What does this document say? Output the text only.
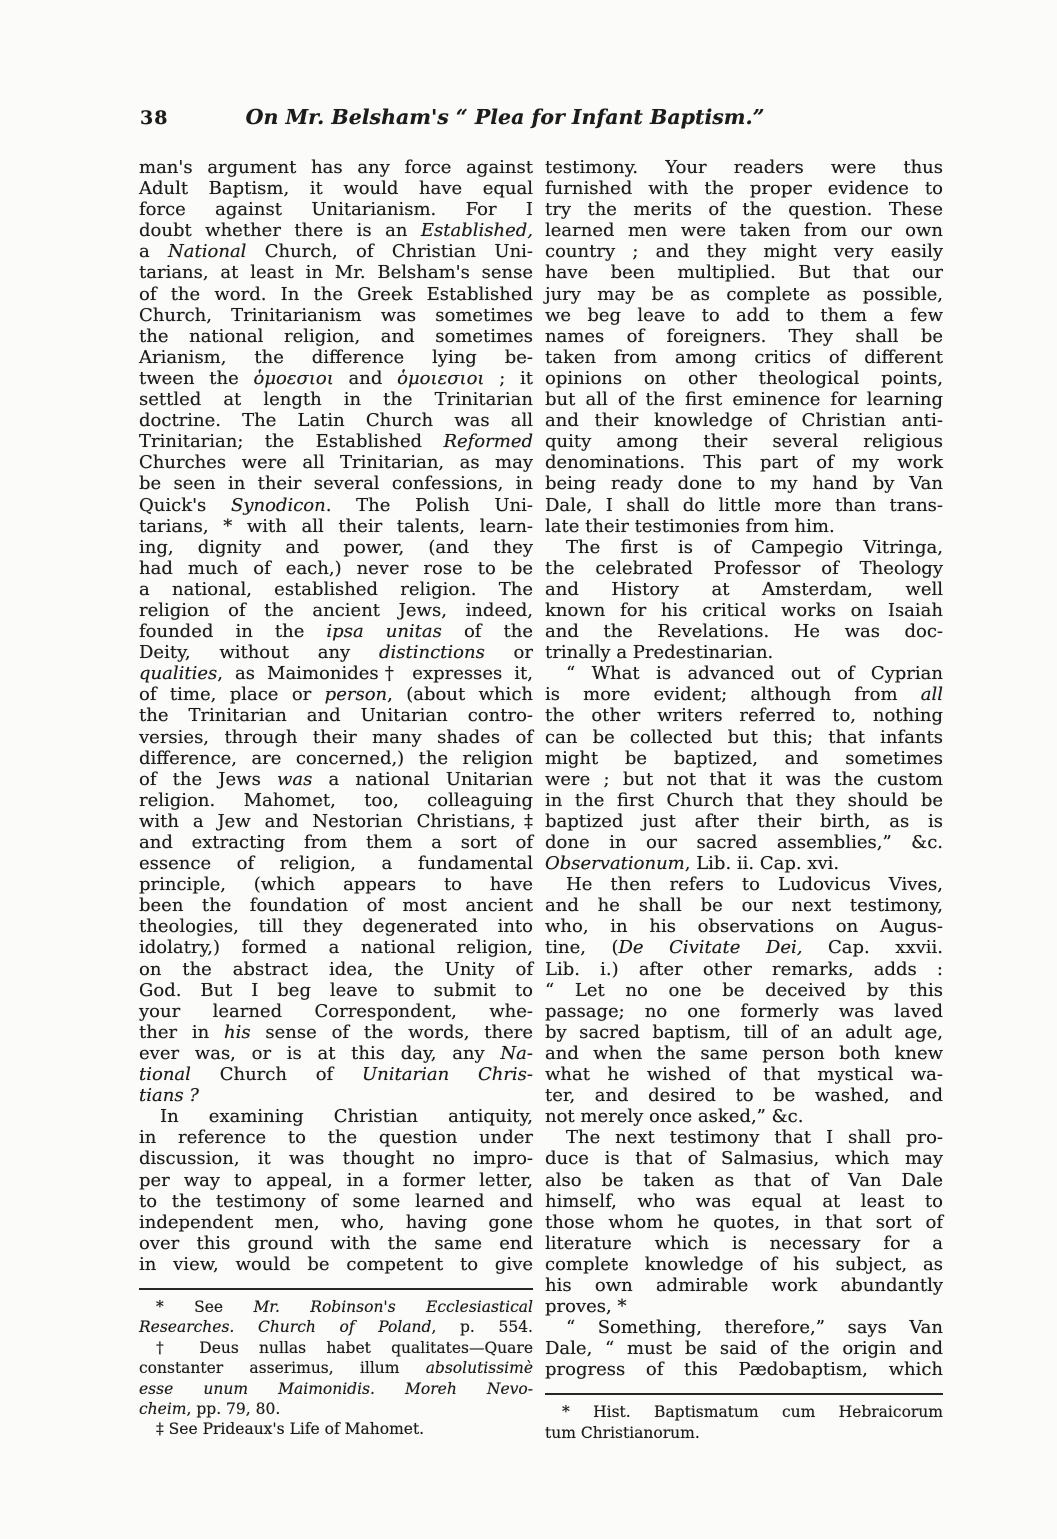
38	On Mr. Belsham's “ Plea for Infant Baptism.”
man's argument has any force against
Adult Baptism, it would have equal
force against Unitarianism. For I
doubt whether there is an Established,
a National Church, of Christian Uni-
tarians, at least in Mr. Belsham's sense
of the word. In the Greek Established
Church, Trinitarianism was sometimes
the national religion, and sometimes
Arianism, the difference lying be-
tween the ὁμοεσιοι and ὁμοιεσιοι ; it
settled at length in the Trinitarian
doctrine. The Latin Church was all
Trinitarian; the Established Reformed
Churches were all Trinitarian, as may
be seen in their several confessions, in
Quick's Synodicon. The Polish Uni-
tarians, * with all their talents, learn-
ing, dignity and power, (and they
had much of each,) never rose to be
a national, established religion. The
religion of the ancient Jews, indeed,
founded in the ipsa unitas of the
Deity, without any distinctions or
qualities, as Maimonides† expresses it,
of time, place or person, (about which
the Trinitarian and Unitarian contro-
versies, through their many shades of
difference, are concerned,) the religion
of the Jews was a national Unitarian
religion. Mahomet, too, colleaguing
with a Jew and Nestorian Christians,‡
and extracting from them a sort of
essence of religion, a fundamental
principle, (which appears to have
been the foundation of most ancient
theologies, till they degenerated into
idolatry,) formed a national religion,
on the abstract idea, the Unity of
God. But I beg leave to submit to
your learned Correspondent, whe-
ther in his sense of the words, there
ever was, or is at this day, any Na-
tional Church of Unitarian Chris-
tians ?
In examining Christian antiquity,
in reference to the question under
discussion, it was thought no impro-
per way to appeal, in a former letter,
to the testimony of some learned and
independent men, who, having gone
over this ground with the same end
in view, would be competent to give
* See Mr. Robinson's Ecclesiastical
Researches. Church of Poland, p. 554.
† Deus nullas habet qualitates—Quare
constanter asserimus, illum absolutissimè
esse unum Maimonidis. Moreh Nevo-
cheim, pp. 79, 80.
‡ See Prideaux's Life of Mahomet.
testimony. Your readers were thus
furnished with the proper evidence to
try the merits of the question. These
learned men were taken from our own
country ; and they might very easily
have been multiplied. But that our
jury may be as complete as possible,
we beg leave to add to them a few
names of foreigners. They shall be
taken from among critics of different
opinions on other theological points,
but all of the first eminence for learning
and their knowledge of Christian anti-
quity among their several religious
denominations. This part of my work
being ready done to my hand by Van
Dale, I shall do little more than trans-
late their testimonies from him.
The first is of Campegio Vitringa,
the celebrated Professor of Theology
and History at Amsterdam, well
known for his critical works on Isaiah
and the Revelations. He was doc-
trinally a Predestinarian.
“ What is advanced out of Cyprian
is more evident; although from all
the other writers referred to, nothing
can be collected but this; that infants
might be baptized, and sometimes
were ; but not that it was the custom
in the first Church that they should be
baptized just after their birth, as is
done in our sacred assemblies,” &c.
Observationum, Lib. ii. Cap. xvi.
He then refers to Ludovicus Vives,
and he shall be our next testimony,
who, in his observations on Augus-
tine, (De Civitate Dei, Cap. xxvii.
Lib. i.) after other remarks, adds :
“ Let no one be deceived by this
passage; no one formerly was laved
by sacred baptism, till of an adult age,
and when the same person both knew
what he wished of that mystical wa-
ter, and desired to be washed, and
not merely once asked,” &c.
The next testimony that I shall pro-
duce is that of Salmasius, which may
also be taken as that of Van Dale
himself, who was equal at least to
those whom he quotes, in that sort of
literature which is necessary for a
complete knowledge of his subject, as
his own admirable work abundantly
proves, *
“ Something, therefore,” says Van
Dale, “ must be said of the origin and
progress of this Pædobaptism, which
* Hist. Baptismatum cum Hebraicorum
tum Christianorum.
